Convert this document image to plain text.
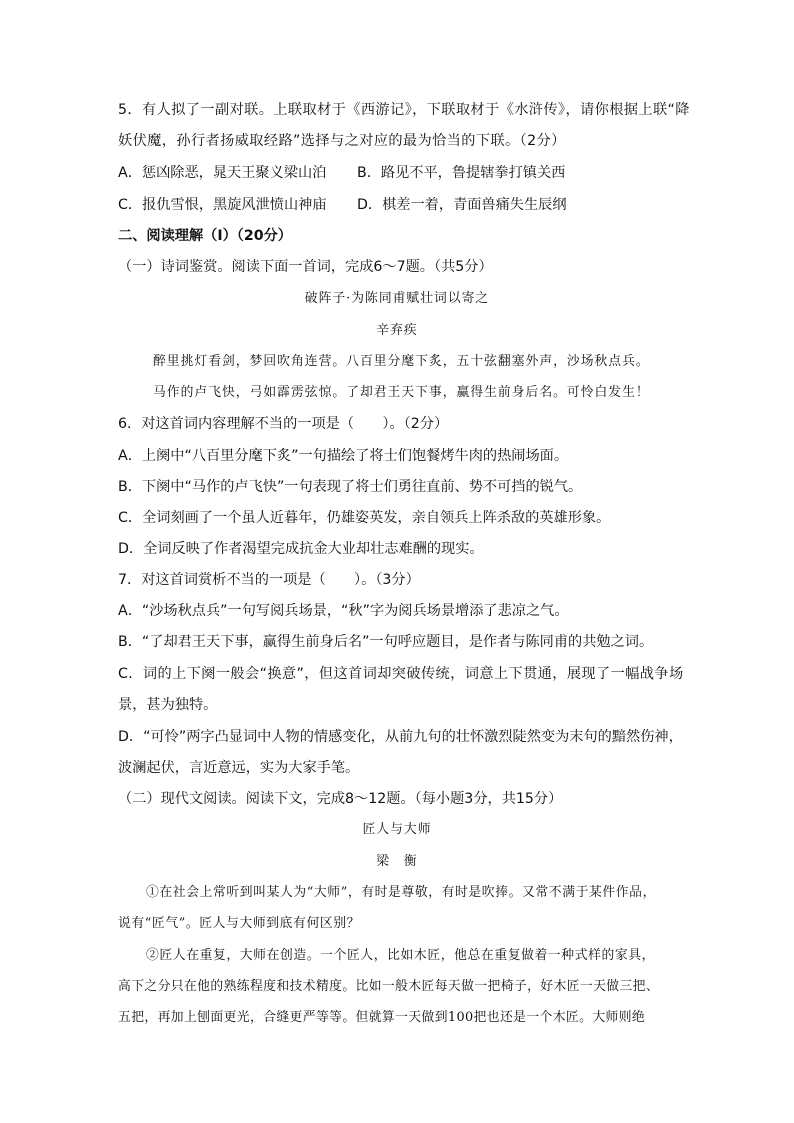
5．有人拟了一副对联。上联取材于《西游记》，下联取材于《水浒传》，请你根据上联“降
妖伏魔，孙行者扬威取经路”选择与之对应的最为恰当的下联。（2分）
A．惩凶除恶，晁天王聚义梁山泊 B．路见不平，鲁提辖拳打镇关西
C．报仇雪恨，黑旋风泄愤山神庙 D．棋差一着，青面兽痛失生辰纲
二、阅读理解（Ⅰ）（20分）
（一）诗词鉴赏。阅读下面一首词，完成6～7题。（共5分）
破阵子·为陈同甫赋壮词以寄之
辛弃疾
醉里挑灯看剑，梦回吹角连营。八百里分麾下炙，五十弦翻塞外声，沙场秋点兵。
马作的卢飞快，弓如霹雳弦惊。了却君王天下事，赢得生前身后名。可怜白发生！
6．对这首词内容理解不当的一项是（　　）。（2分）
A．上阕中“八百里分麾下炙”一句描绘了将士们饱餐烤牛肉的热闹场面。
B．下阕中“马作的卢飞快”一句表现了将士们勇往直前、势不可挡的锐气。
C．全词刻画了一个虽人近暮年，仍雄姿英发，亲自领兵上阵杀敌的英雄形象。
D．全词反映了作者渴望完成抗金大业却壮志难酬的现实。
7．对这首词赏析不当的一项是（　　）。（3分）
A．“沙场秋点兵”一句写阅兵场景，“秋”字为阅兵场景增添了悲凉之气。
B．“了却君王天下事，赢得生前身后名”一句呼应题目，是作者与陈同甫的共勉之词。
C．词的上下阕一般会“换意”，但这首词却突破传统，词意上下贯通，展现了一幅战争场
景，甚为独特。
D．“可怜”两字凸显词中人物的情感变化，从前九句的壮怀激烈陡然变为末句的黯然伤神，
波澜起伏，言近意远，实为大家手笔。
（二）现代文阅读。阅读下文，完成8～12题。（每小题3分，共15分）
匠人与大师
梁　衡
①在社会上常听到叫某人为“大师”，有时是尊敬，有时是吹捧。又常不满于某件作品，
说有“匠气”。匠人与大师到底有何区别？
②匠人在重复，大师在创造。一个匠人，比如木匠，他总在重复做着一种式样的家具，
高下之分只在他的熟练程度和技术精度。比如一般木匠每天做一把椅子，好木匠一天做三把、
五把，再加上刨面更光，合缝更严等等。但就算一天做到100把也还是一个木匠。大师则绝
